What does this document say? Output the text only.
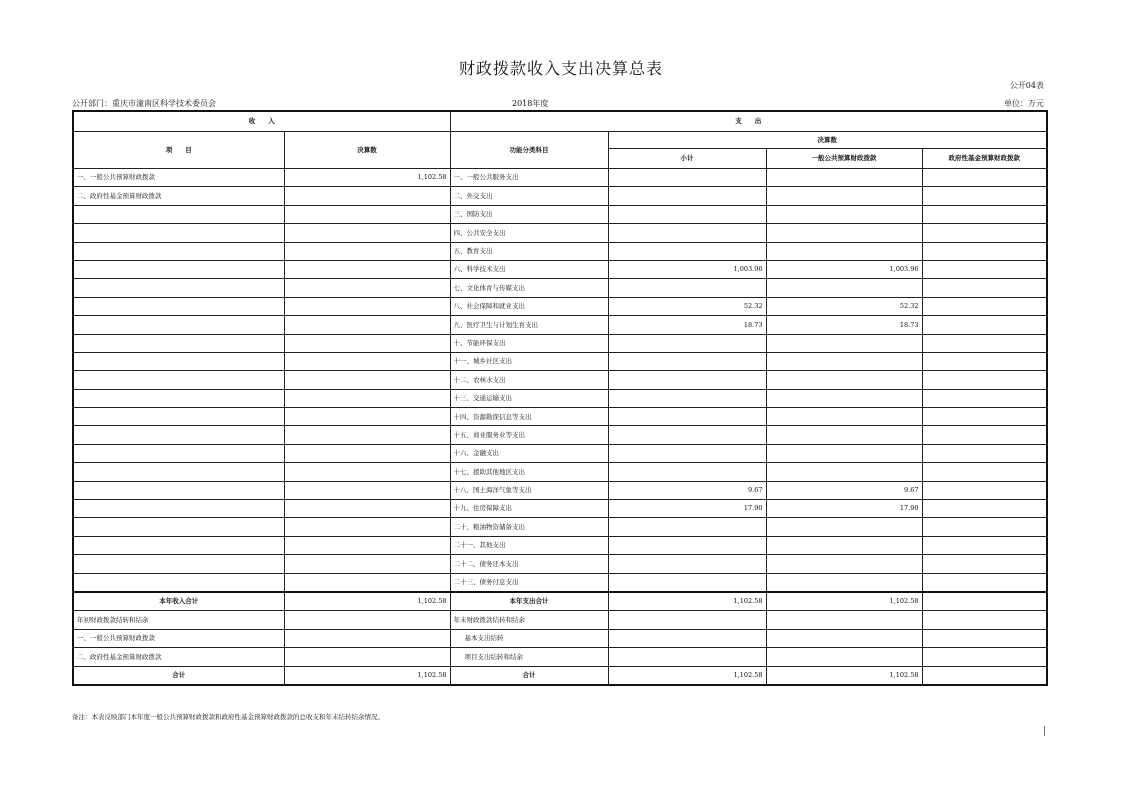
财政拨款收入支出决算总表
公开04表
公开部门：重庆市潼南区科学技术委员会	2018年度	单位：万元
收　　入		支　　出			
项　　目	决算数	功能分类科目	决算数		
			小计	一般公共预算财政拨款	政府性基金预算财政拨款
一、一般公共预算财政拨款	1,102.58	一、一般公共服务支出			
二、政府性基金预算财政拨款		二、外交支出			
		三、国防支出			
		四、公共安全支出			
		五、教育支出			
		六、科学技术支出	1,003.96	1,003.96	
		七、文化体育与传媒支出			
		八、社会保障和就业支出	52.32	52.32	
		九、医疗卫生与计划生育支出	18.73	18.73	
		十、节能环保支出			
		十一、城乡社区支出			
		十二、农林水支出			
		十三、交通运输支出			
		十四、资源勘探信息等支出			
		十五、商业服务业等支出			
		十六、金融支出			
		十七、援助其他地区支出			
		十八、国土海洋气象等支出	9.67	9.67	
		十九、住房保障支出	17.90	17.90	
		二十、粮油物资储备支出			
		二十一、其他支出			
		二十二、债务还本支出			
		二十三、债务付息支出			
本年收入合计	1,102.58	本年支出合计	1,102.58	1,102.58	
年初财政拨款结转和结余		年末财政拨款结转和结余			
一、一般公共预算财政拨款		基本支出结转			
二、政府性基金预算财政拨款		项目支出结转和结余			
合计	1,102.58	合计	1,102.58	1,102.58	
备注：本表反映部门本年度一般公共预算财政拨款和政府性基金预算财政拨款的总收支和年末结转结余情况。
